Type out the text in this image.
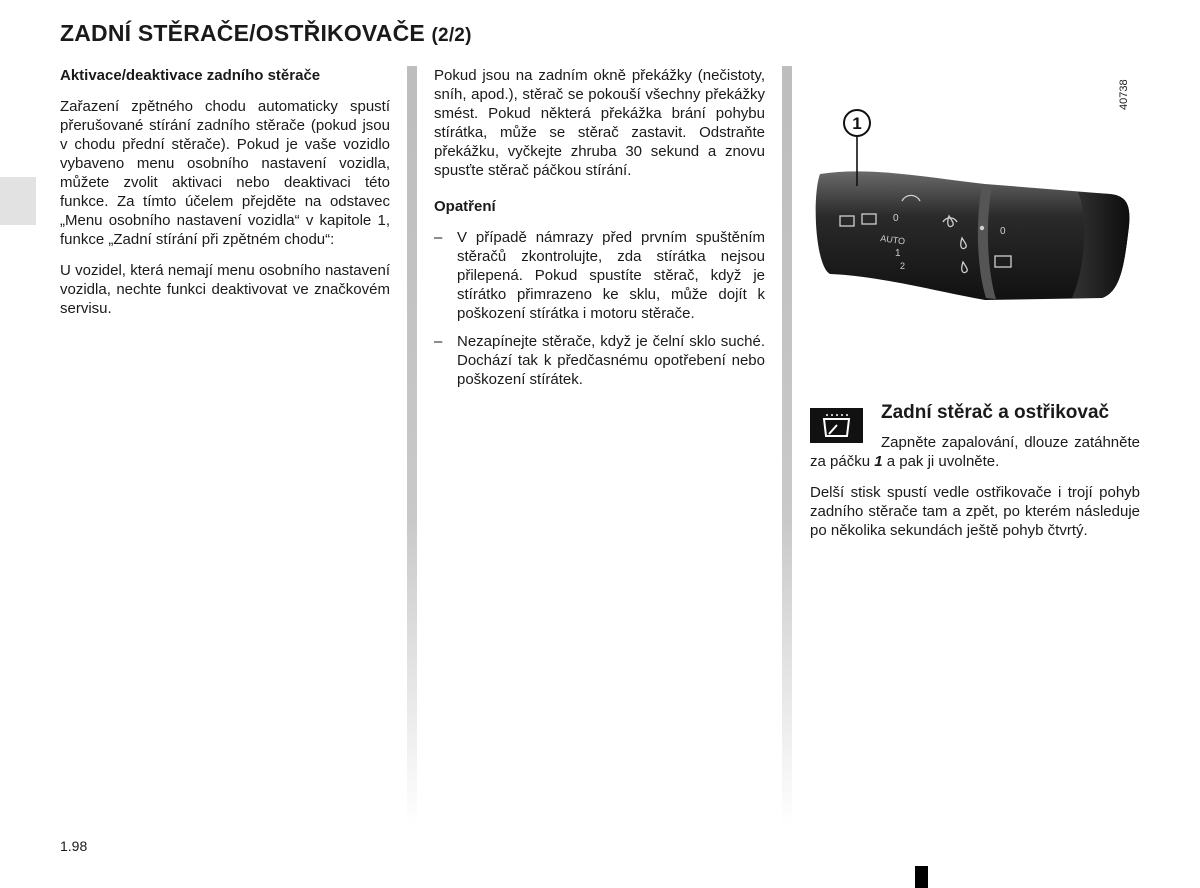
ZADNÍ STĚRAČE/OSTŘIKOVAČE (2/2)
Aktivace/deaktivace zadního stěrače

Zařazení zpětného chodu automaticky spustí přerušované stírání zadního stěrače (pokud jsou v chodu přední stěrače). Pokud je vaše vozidlo vybaveno menu osobního nastavení vozidla, můžete zvolit aktivaci nebo deaktivaci této funkce. Za tímto účelem přejděte na odstavec „Menu osobního nastavení vozidla“ v kapitole 1, funkce „Zadní stírání při zpětném chodu“:

U vozidel, která nemají menu osobního nastavení vozidla, nechte funkci deaktivovat ve značkovém servisu.

Pokud jsou na zadním okně překážky (nečistoty, sníh, apod.), stěrač se pokouší všechny překážky smést. Pokud některá překážka brání pohybu stírátka, může se stěrač zastavit. Odstraňte překážku, vyčkejte zhruba 30 sekund a znovu spusťte stěrač páčkou stírání.

Opatření
– V případě námrazy před prvním spuštěním stěračů zkontrolujte, zda stírátka nejsou přilepená. Pokud spustíte stěrač, když je stírátko přimrazeno ke sklu, může dojít k poškození stírátka i motoru stěrače.
– Nezapínejte stěrače, když je čelní sklo suché. Dochází tak k předčasnému opotřebení nebo poškození stírátek.
1
AUTO
0
1
2
0
40738
Zadní stěrač a ostřikovač

Zapněte zapalování, dlouze zatáhněte za páčku 1 a pak ji uvolněte.

Delší stisk spustí vedle ostřikovače i trojí pohyb zadního stěrače tam a zpět, po kterém následuje po několika sekundách ještě pohyb čtvrtý.

1.98
